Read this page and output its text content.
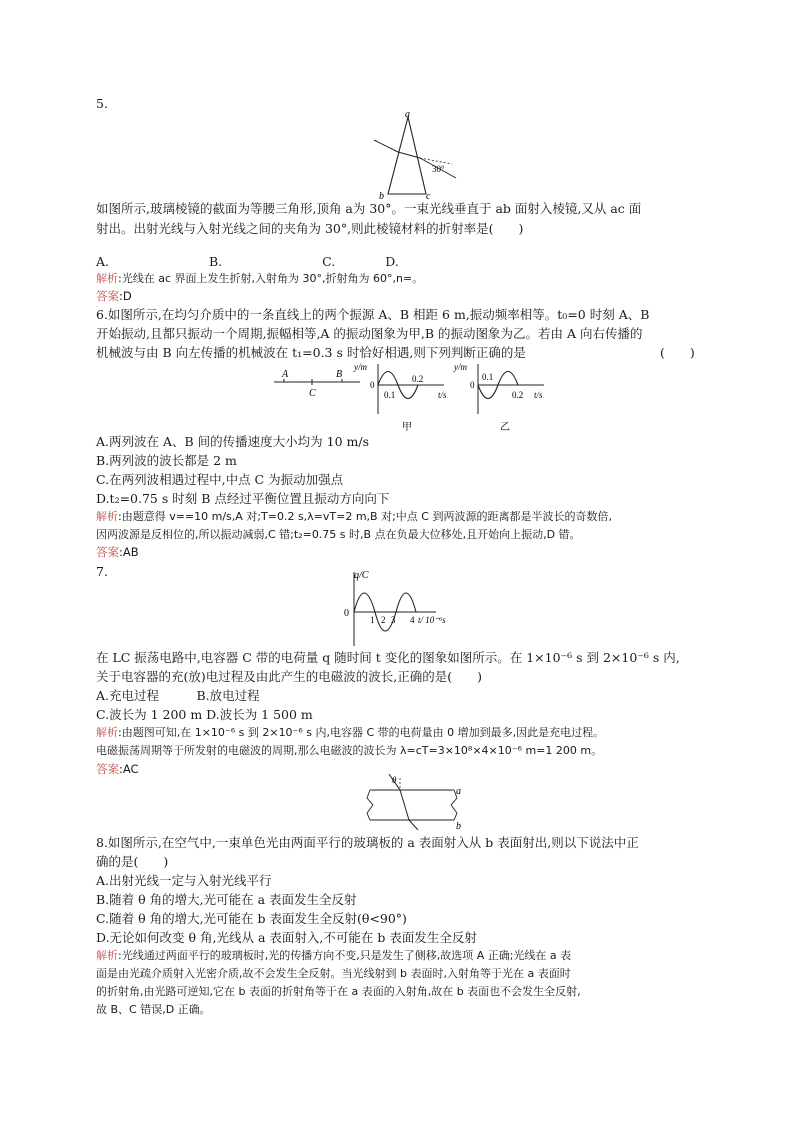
5.
a
b	c
30°
如图所示,玻璃棱镜的截面为等腰三角形,顶角 a为 30°。一束光线垂直于 ab 面射入棱镜,又从 ac 面
射出。出射光线与入射光线之间的夹角为 30°,则此棱镜材料的折射率是(　　)
A.　　　　　　　　B.　　　　　　　　C.　　　　D.
解析:光线在 ac 界面上发生折射,入射角为 30°,折射角为 60°,n=。
答案:D
6.如图所示,在均匀介质中的一条直线上的两个振源 A、B 相距 6 m,振动频率相等。t₀=0 时刻 A、B
开始振动,且都只振动一个周期,振幅相等,A 的振动图象为甲,B 的振动图象为乙。若由 A 向右传播的
机械波与由 B 向左传播的机械波在 t₁=0.3 s 时恰好相遇,则下列判断正确的是	(　　)
A	B
C
y/m
0
0.1
0.2
t/s
甲
y/m
0
0.1
0.2 t/s
乙
A.两列波在 A、B 间的传播速度大小均为 10 m/s
B.两列波的波长都是 2 m
C.在两列波相遇过程中,中点 C 为振动加强点
D.t₂=0.75 s 时刻 B 点经过平衡位置且振动方向向下
解析:由题意得 v==10 m/s,A 对;T=0.2 s,λ=vT=2 m,B 对;中点 C 到两波源的距离都是半波长的奇数倍,
因两波源是反相位的,所以振动减弱,C 错;t₂=0.75 s 时,B 点在负最大位移处,且开始向上振动,D 错。
答案:AB
7.	q/C
0
1 2 3 4 t/ 10⁻⁶s
在 LC 振荡电路中,电容器 C 带的电荷量 q 随时间 t 变化的图象如图所示。在 1×10⁻⁶ s 到 2×10⁻⁶ s 内,
关于电容器的充(放)电过程及由此产生的电磁波的波长,正确的是(　　)
A.充电过程　　　B.放电过程
C.波长为 1 200 m D.波长为 1 500 m
解析:由题图可知,在 1×10⁻⁶ s 到 2×10⁻⁶ s 内,电容器 C 带的电荷量由 0 增加到最多,因此是充电过程。
电磁振荡周期等于所发射的电磁波的周期,那么电磁波的波长为 λ=cT=3×10⁸×4×10⁻⁶ m=1 200 m。
答案:AC
θ
a
b
8.如图所示,在空气中,一束单色光由两面平行的玻璃板的 a 表面射入从 b 表面射出,则以下说法中正
确的是(　　)
A.出射光线一定与入射光线平行
B.随着 θ 角的增大,光可能在 a 表面发生全反射
C.随着 θ 角的增大,光可能在 b 表面发生全反射(θ<90°)
D.无论如何改变 θ 角,光线从 a 表面射入,不可能在 b 表面发生全反射
解析:光线通过两面平行的玻璃板时,光的传播方向不变,只是发生了侧移,故选项 A 正确;光线在 a 表
面是由光疏介质射入光密介质,故不会发生全反射。当光线射到 b 表面时,入射角等于光在 a 表面时
的折射角,由光路可逆知,它在 b 表面的折射角等于在 a 表面的入射角,故在 b 表面也不会发生全反射,
故 B、C 错误,D 正确。
